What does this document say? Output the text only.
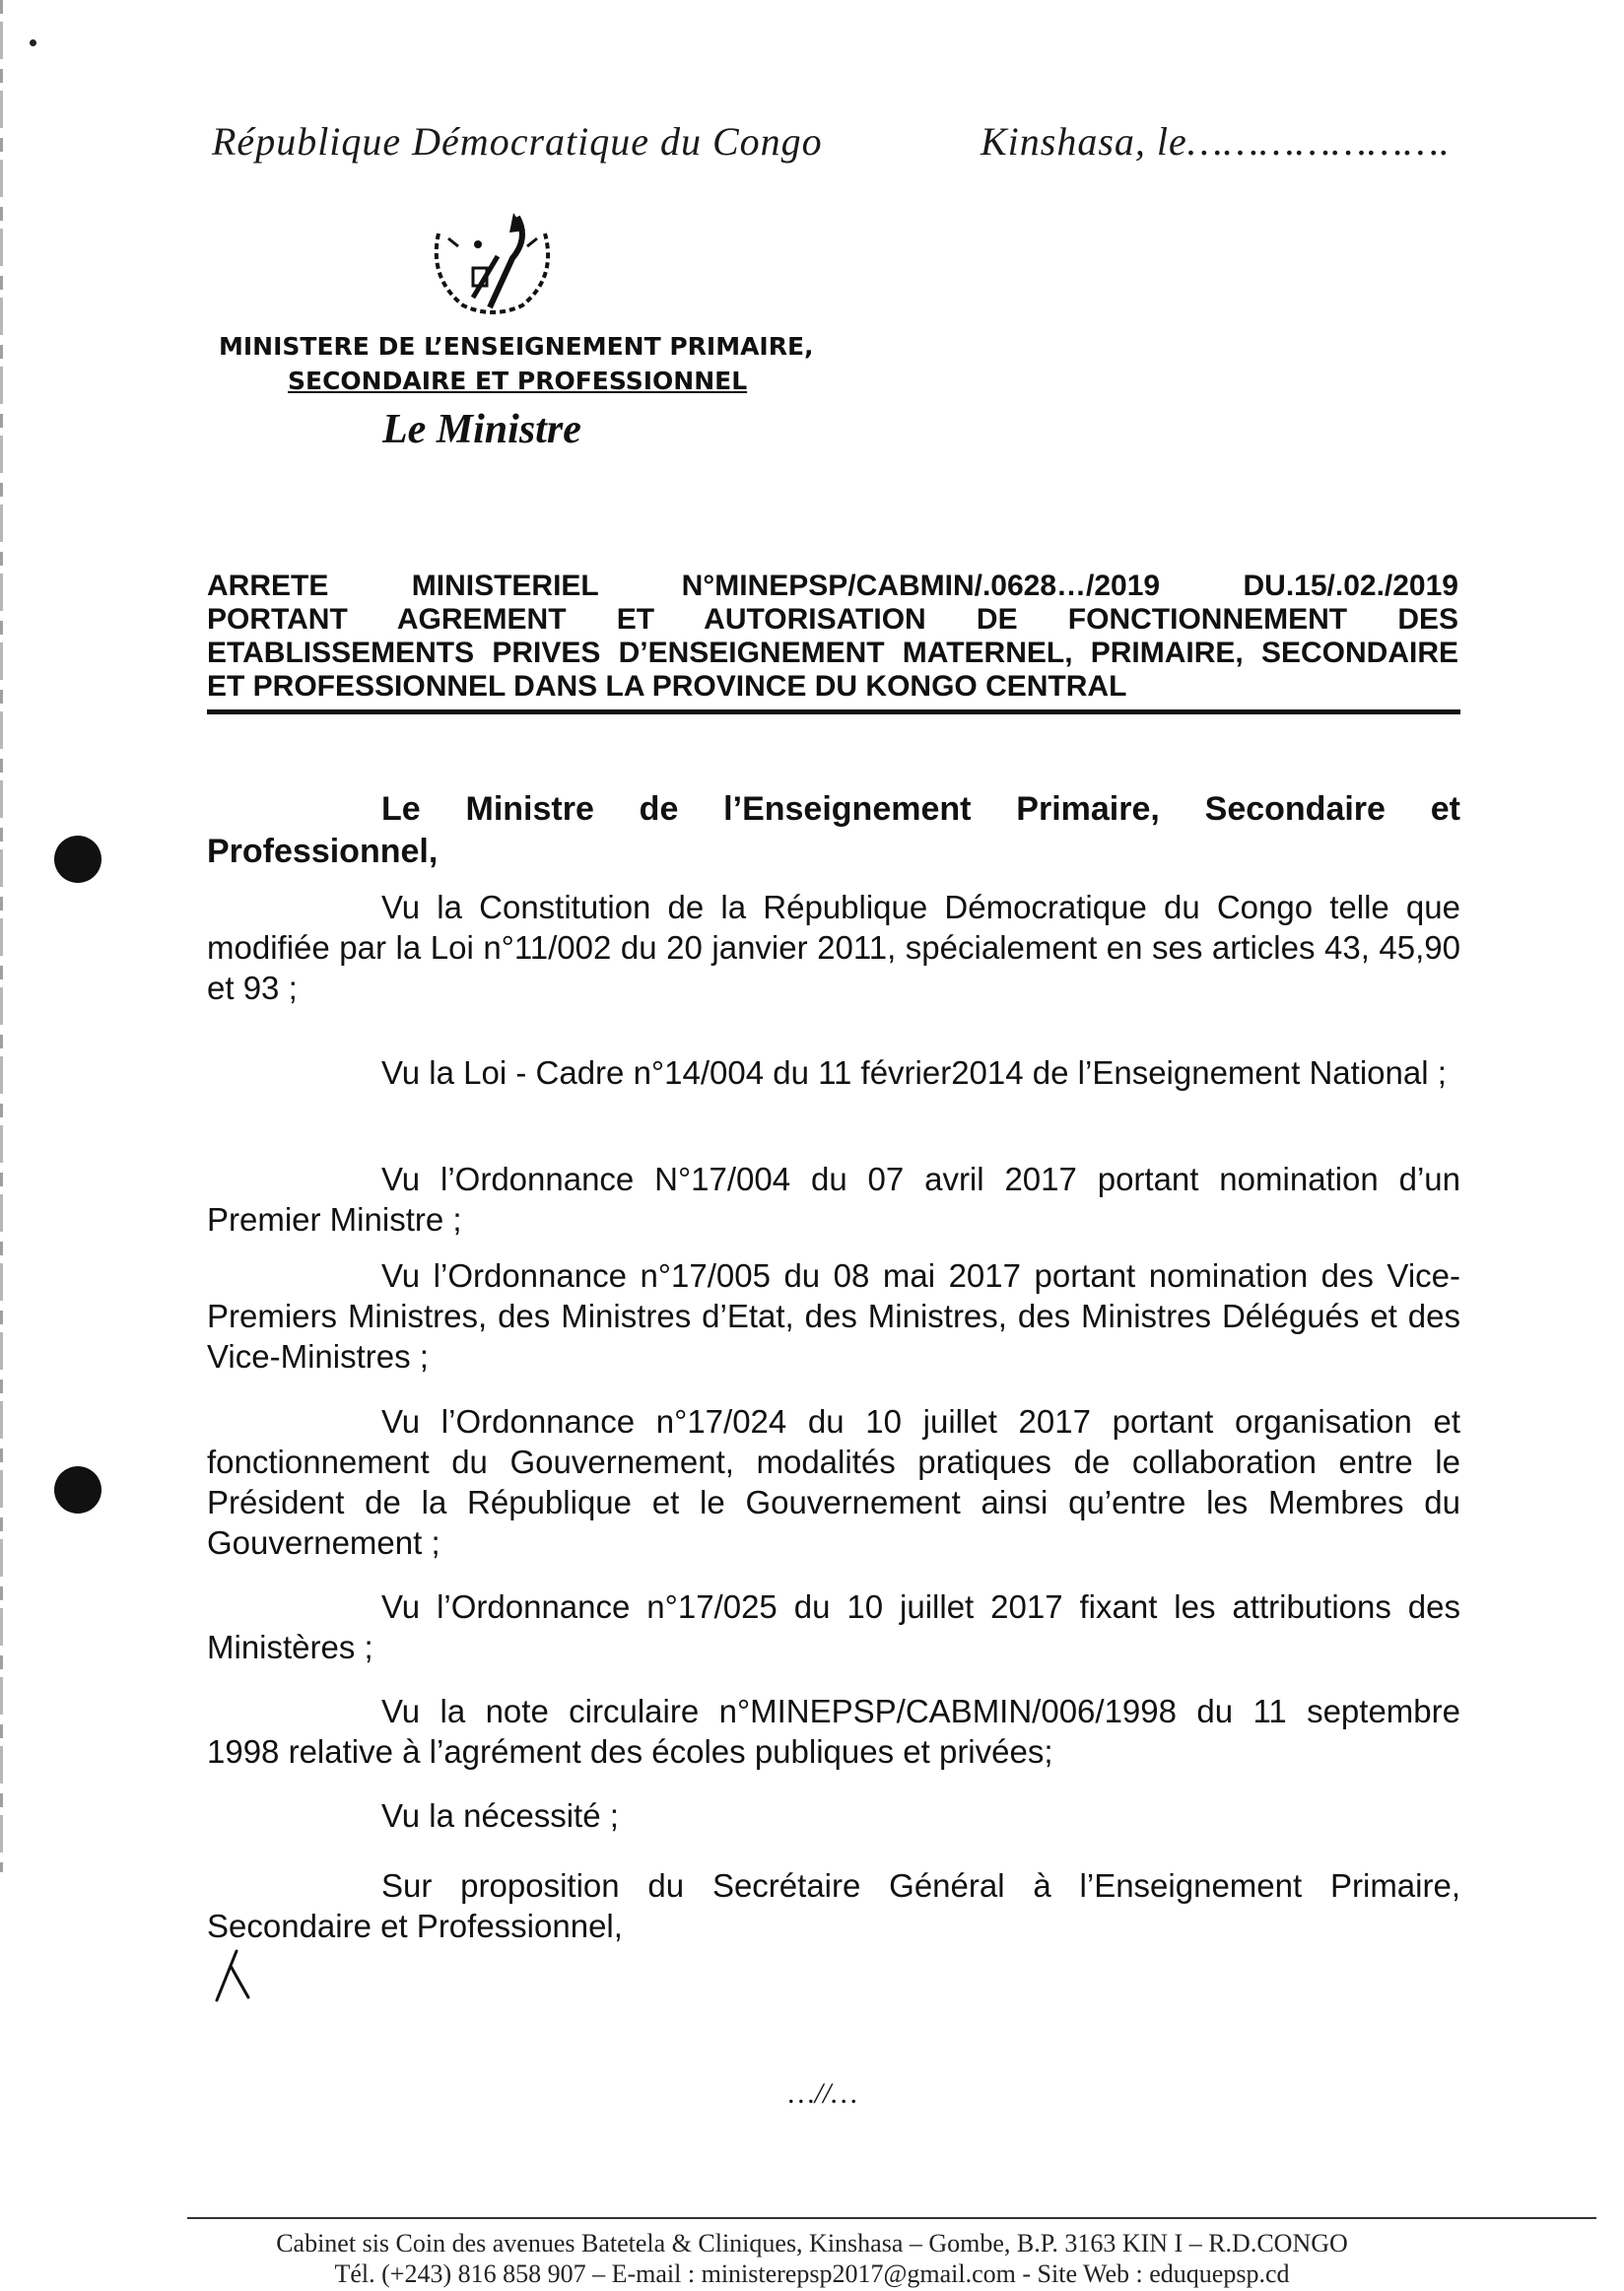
République Démocratique du Congo	Kinshasa, le………………….
MINISTERE DE L’ENSEIGNEMENT PRIMAIRE,
SECONDAIRE ET PROFESSIONNEL
Le Ministre
ARRETE MINISTERIEL N°MINEPSP/CABMIN/.0628…/2019 DU.15/.02./2019
PORTANT AGREMENT ET AUTORISATION DE FONCTIONNEMENT DES
ETABLISSEMENTS PRIVES D’ENSEIGNEMENT MATERNEL, PRIMAIRE, SECONDAIRE
ET PROFESSIONNEL DANS LA PROVINCE DU KONGO CENTRAL
Le Ministre de l’Enseignement Primaire, Secondaire et Professionnel,
Vu la Constitution de la République Démocratique du Congo telle que modifiée par la Loi n°11/002 du 20 janvier 2011, spécialement en ses articles 43, 45,90 et 93 ;
Vu la Loi - Cadre n°14/004 du 11 février2014 de l’Enseignement National ;
Vu l’Ordonnance N°17/004 du 07 avril 2017 portant nomination d’un Premier Ministre ;
Vu l’Ordonnance n°17/005 du 08 mai 2017 portant nomination des Vice-Premiers Ministres, des Ministres d’Etat, des Ministres, des Ministres Délégués et des Vice-Ministres ;
Vu l’Ordonnance n°17/024 du 10 juillet 2017 portant organisation et fonctionnement du Gouvernement, modalités pratiques de collaboration entre le Président de la République et le Gouvernement ainsi qu’entre les Membres du Gouvernement ;
Vu l’Ordonnance n°17/025 du 10 juillet 2017 fixant les attributions des Ministères ;
Vu la note circulaire n°MINEPSP/CABMIN/006/1998 du 11 septembre 1998 relative à l’agrément des écoles publiques et privées;
Vu la nécessité ;
Sur proposition du Secrétaire Général à l’Enseignement Primaire, Secondaire et Professionnel,
…//…
Cabinet sis Coin des avenues Batetela & Cliniques, Kinshasa – Gombe, B.P. 3163 KIN I – R.D.CONGO
Tél. (+243) 816 858 907 – E-mail : ministerepsp2017@gmail.com - Site Web : eduquepsp.cd
